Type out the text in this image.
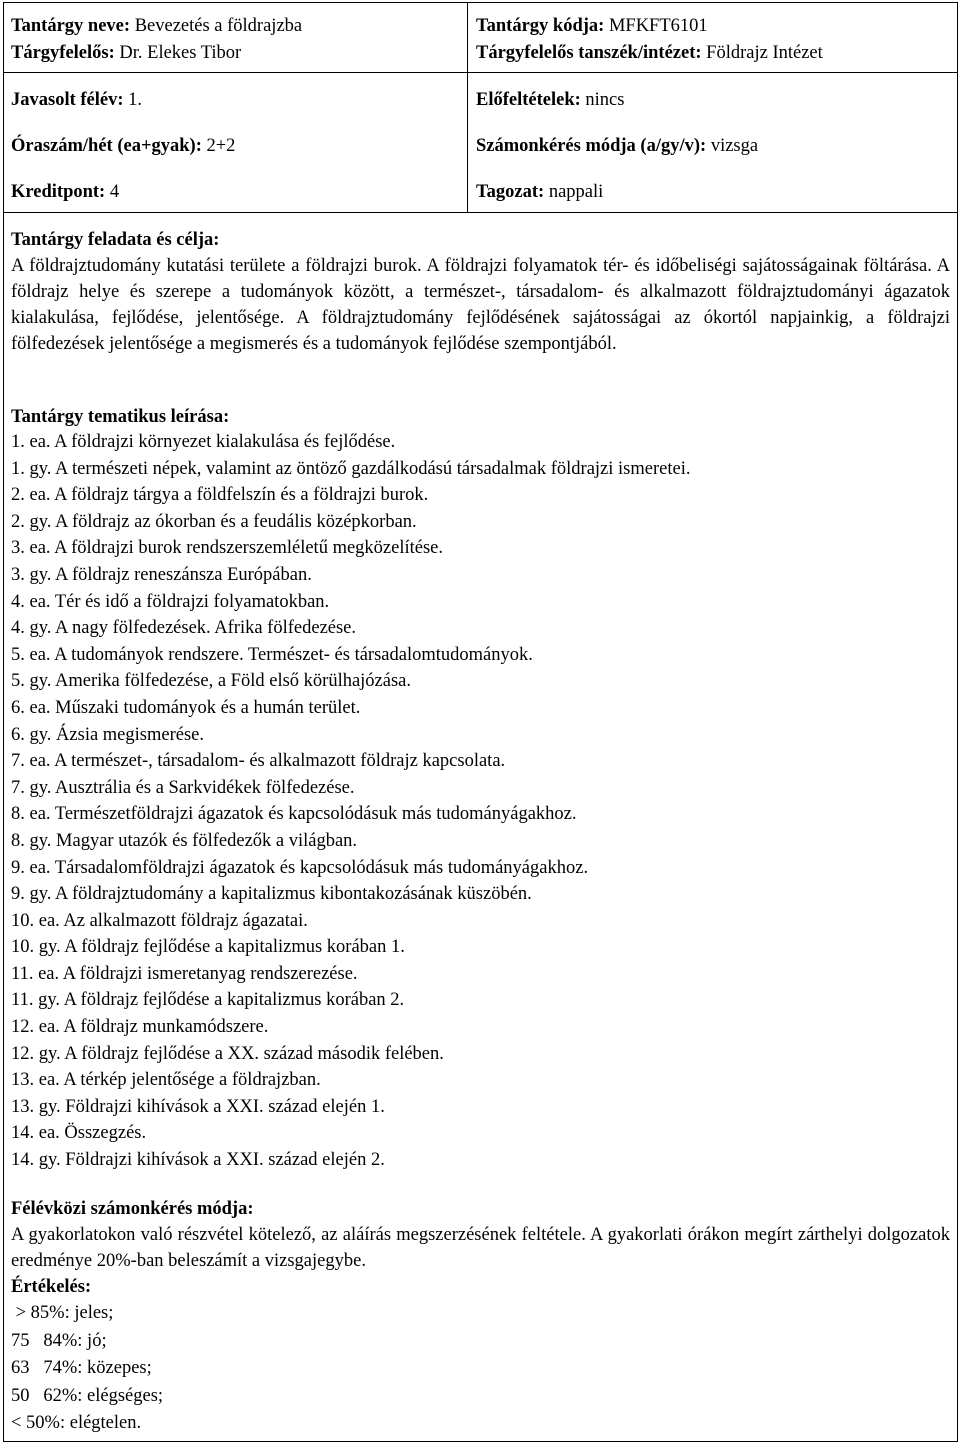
Tantárgy neve: Bevezetés a földrajzba
Tárgyfelelős: Dr. Elekes Tibor
Javasolt félév: 1.
Óraszám/hét (ea+gyak): 2+2
Kreditpont: 4
Tantárgy kódja: MFKFT6101
Tárgyfelelős tanszék/intézet: Földrajz Intézet
Előfeltételek: nincs
Számonkérés módja (a/gy/v): vizsga
Tagozat: nappali
Tantárgy feladata és célja:
A földrajztudomány kutatási területe a földrajzi burok. A földrajzi folyamatok tér- és időbeliségi sajátosságainak föltárása. A földrajz helye és szerepe a tudományok között, a természet-, társadalom- és alkalmazott földrajztudományi ágazatok kialakulása, fejlődése, jelentősége. A földrajztudomány fejlődésének sajátosságai az ókortól napjainkig, a földrajzi fölfedezések jelentősége a megismerés és a tudományok fejlődése szempontjából.
Tantárgy tematikus leírása:
1. ea. A földrajzi környezet kialakulása és fejlődése.
1. gy. A természeti népek, valamint az öntöző gazdálkodású társadalmak földrajzi ismeretei.
2. ea. A földrajz tárgya a földfelszín és a földrajzi burok.
2. gy. A földrajz az ókorban és a feudális középkorban.
3. ea. A földrajzi burok rendszerszemléletű megközelítése.
3. gy. A földrajz reneszánsza Európában.
4. ea. Tér és idő a földrajzi folyamatokban.
4. gy. A nagy fölfedezések. Afrika fölfedezése.
5. ea. A tudományok rendszere. Természet- és társadalomtudományok.
5. gy. Amerika fölfedezése, a Föld első körülhajózása.
6. ea. Műszaki tudományok és a humán terület.
6. gy. Ázsia megismerése.
7. ea. A természet-, társadalom- és alkalmazott földrajz kapcsolata.
7. gy. Ausztrália és a Sarkvidékek fölfedezése.
8. ea. Természetföldrajzi ágazatok és kapcsolódásuk más tudományágakhoz.
8. gy. Magyar utazók és fölfedezők a világban.
9. ea. Társadalomföldrajzi ágazatok és kapcsolódásuk más tudományágakhoz.
9. gy. A földrajztudomány a kapitalizmus kibontakozásának küszöbén.
10. ea. Az alkalmazott földrajz ágazatai.
10. gy. A földrajz fejlődése a kapitalizmus korában 1.
11. ea. A földrajzi ismeretanyag rendszerezése.
11. gy. A földrajz fejlődése a kapitalizmus korában 2.
12. ea. A földrajz munkamódszere.
12. gy. A földrajz fejlődése a XX. század második felében.
13. ea. A térkép jelentősége a földrajzban.
13. gy. Földrajzi kihívások a XXI. század elején 1.
14. ea. Összegzés.
14. gy. Földrajzi kihívások a XXI. század elején 2.
Félévközi számonkérés módja:
A gyakorlatokon való részvétel kötelező, az aláírás megszerzésének feltétele. A gyakorlati órákon megírt zárthelyi dolgozatok eredménye 20%-ban beleszámít a vizsgajegybe.
Értékelés:
> 85%: jeles;
75   84%: jó;
63   74%: közepes;
50   62%: elégséges;
< 50%: elégtelen.
